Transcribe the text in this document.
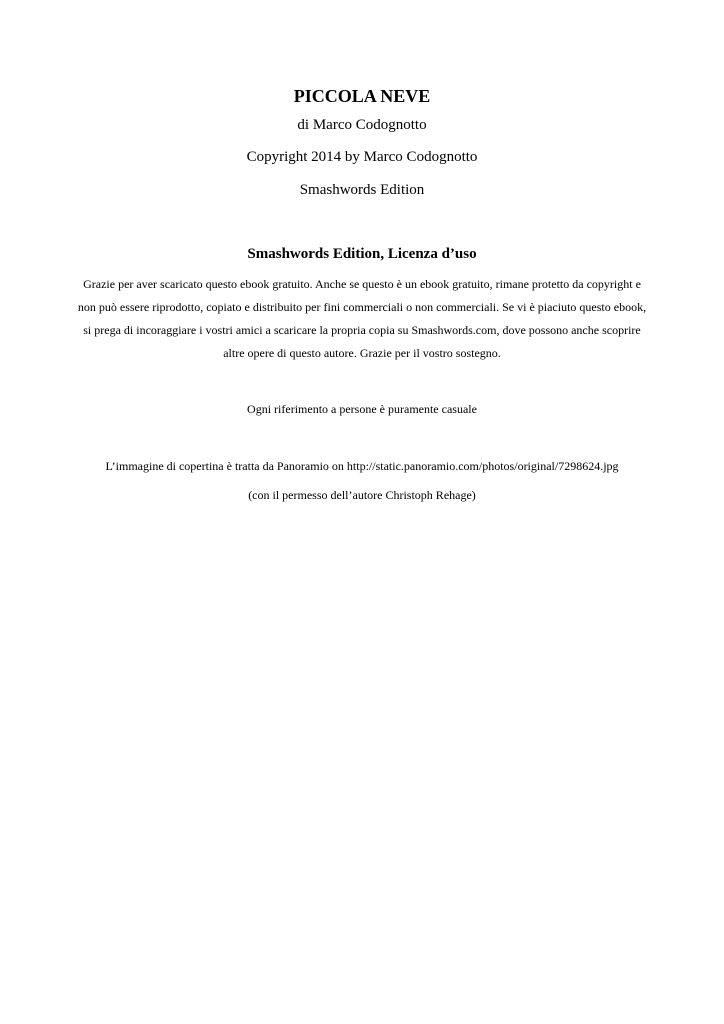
PICCOLA NEVE
di Marco Codognotto
Copyright 2014 by Marco Codognotto
Smashwords Edition
Smashwords Edition, Licenza d’uso
Grazie per aver scaricato questo ebook gratuito. Anche se questo è un ebook gratuito, rimane protetto da copyright e
non può essere riprodotto, copiato e distribuito per fini commerciali o non commerciali. Se vi è piaciuto questo ebook,
si prega di incoraggiare i vostri amici a scaricare la propria copia su Smashwords.com, dove possono anche scoprire
altre opere di questo autore. Grazie per il vostro sostegno.
Ogni riferimento a persone è puramente casuale
L’immagine di copertina è tratta da Panoramio on http://static.panoramio.com/photos/original/7298624.jpg
(con il permesso dell’autore Christoph Rehage)
